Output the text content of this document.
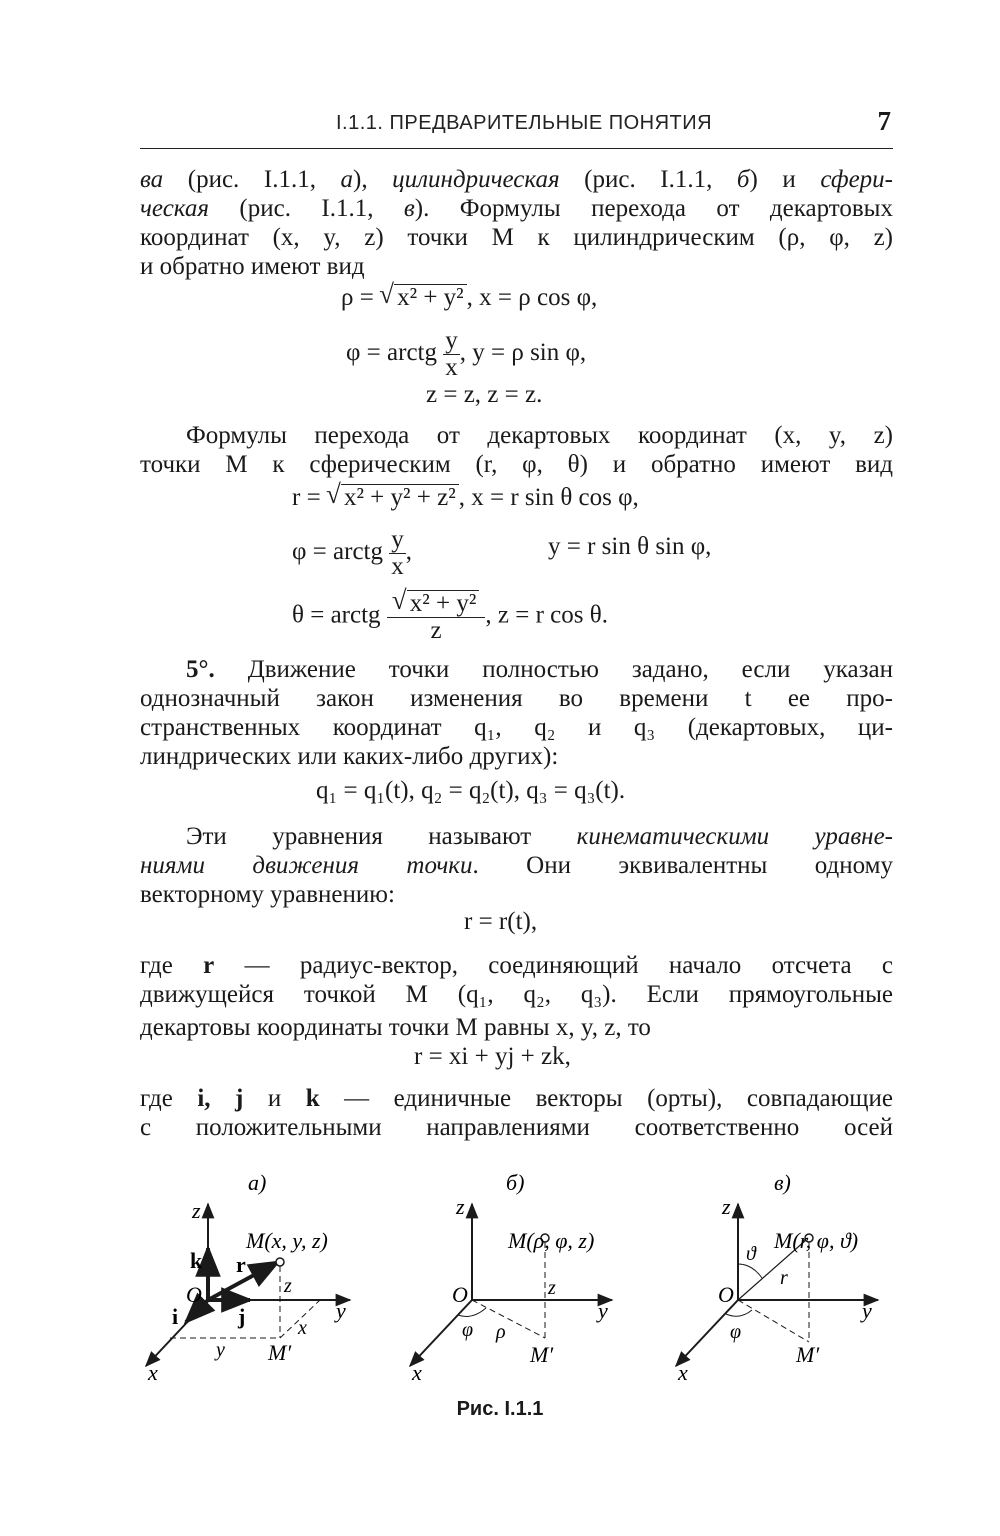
I.1.1. ПРЕДВАРИТЕЛЬНЫЕ ПОНЯТИЯ	7
ва (рис. I.1.1, а), цилиндрическая (рис. I.1.1, б) и сфери-
ческая (рис. I.1.1, в). Формулы перехода от декартовых
координат (x, y, z) точки M к цилиндрическим (ρ, φ, z)
и обратно имеют вид
ρ = √ x² + y² , x = ρ cos φ,
φ = arctg $\frac{y}{x}$ , y = ρ sin φ,
z = z, z = z.
Формулы перехода от декартовых координат (x, y, z)
точки M к сферическим (r, φ, θ) и обратно имеют вид
r = √ x² + y² + z² , x = r sin θ cos φ,
φ = arctg $\frac{y}{x}$ ,	y = r sin θ sin φ,
θ = arctg √ $\frac{\text{x² + y²}}{z}$ , z = r cos θ.
5°. Движение точки полностью задано, если указан
однозначный закон изменения во времени t ее про-
странственных координат q₁, q₂ и q₃ (декартовых, ци-
линдрических или каких-либо других):
q₁ = q₁(t), q₂ = q₂(t), q₃ = q₃(t).
Эти уравнения называют кинематическими уравне-
ниями движения точки. Они эквивалентны одному
векторному уравнению:
r = r(t),
где r — радиус-вектор, соединяющий начало отсчета с
движущейся точкой M (q₁, q₂, q₃). Если прямоугольные
декартовы координаты точки M равны x, y, z, то
r = xi + yj + zk,
где i, j и k — единичные векторы (орты), совпадающие
с положительными направлениями соответственно осей
а)
z
y
x
O
k
i	j
r
M(x, y, z)
M′
z
x
y
б)
z
y
x
O
M(ρ, φ, z)
z
φ ρ
M′
в)
z
y
x
O
M(r, φ, ϑ)
ϑ
r
φ
M′
Рис. I.1.1
